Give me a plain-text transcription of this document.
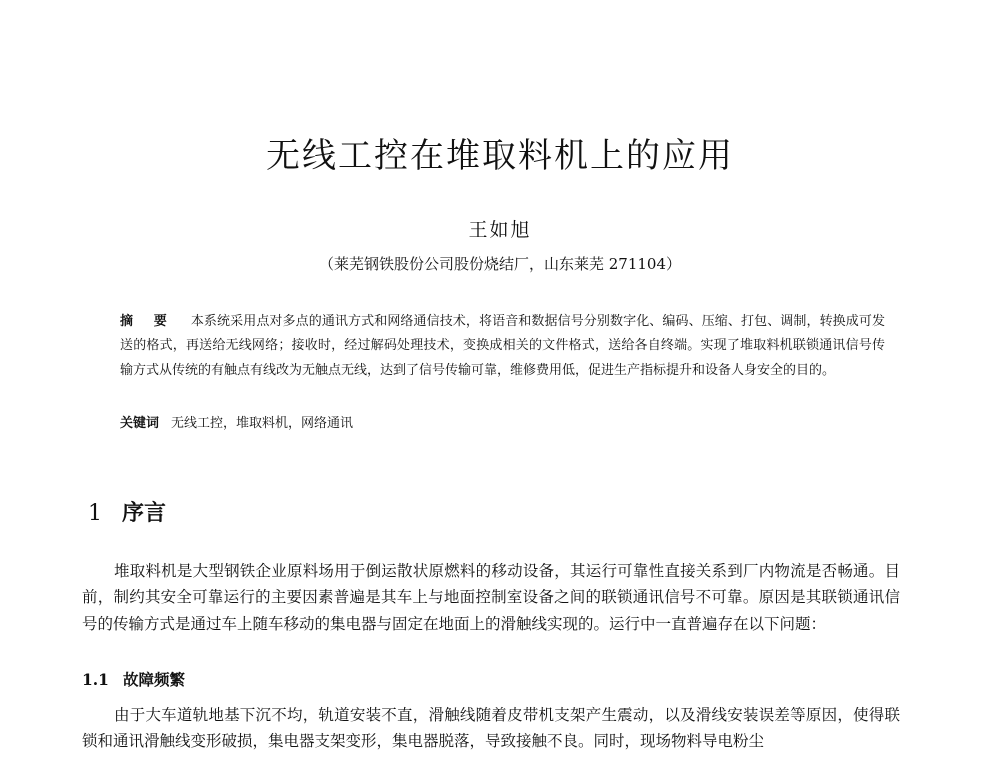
无线工控在堆取料机上的应用
王如旭
（莱芜钢铁股份公司股份烧结厂，山东莱芜 271104）
摘 要 本系统采用点对多点的通讯方式和网络通信技术，将语音和数据信号分别数字化、编码、压缩、打包、调制，转换成可发送的格式，再送给无线网络；接收时，经过解码处理技术，变换成相关的文件格式，送给各自终端。实现了堆取料机联锁通讯信号传输方式从传统的有触点有线改为无触点无线，达到了信号传输可靠，维修费用低，促进生产指标提升和设备人身安全的目的。
关键词 无线工控，堆取料机，网络通讯
1 序言
堆取料机是大型钢铁企业原料场用于倒运散状原燃料的移动设备，其运行可靠性直接关系到厂内物流是否畅通。目前，制约其安全可靠运行的主要因素普遍是其车上与地面控制室设备之间的联锁通讯信号不可靠。原因是其联锁通讯信号的传输方式是通过车上随车移动的集电器与固定在地面上的滑触线实现的。运行中一直普遍存在以下问题：
1.1 故障频繁
由于大车道轨地基下沉不均，轨道安装不直，滑触线随着皮带机支架产生震动，以及滑线安装误差等原因，使得联锁和通讯滑触线变形破损，集电器支架变形，集电器脱落，导致接触不良。同时，现场物料导电粉尘
